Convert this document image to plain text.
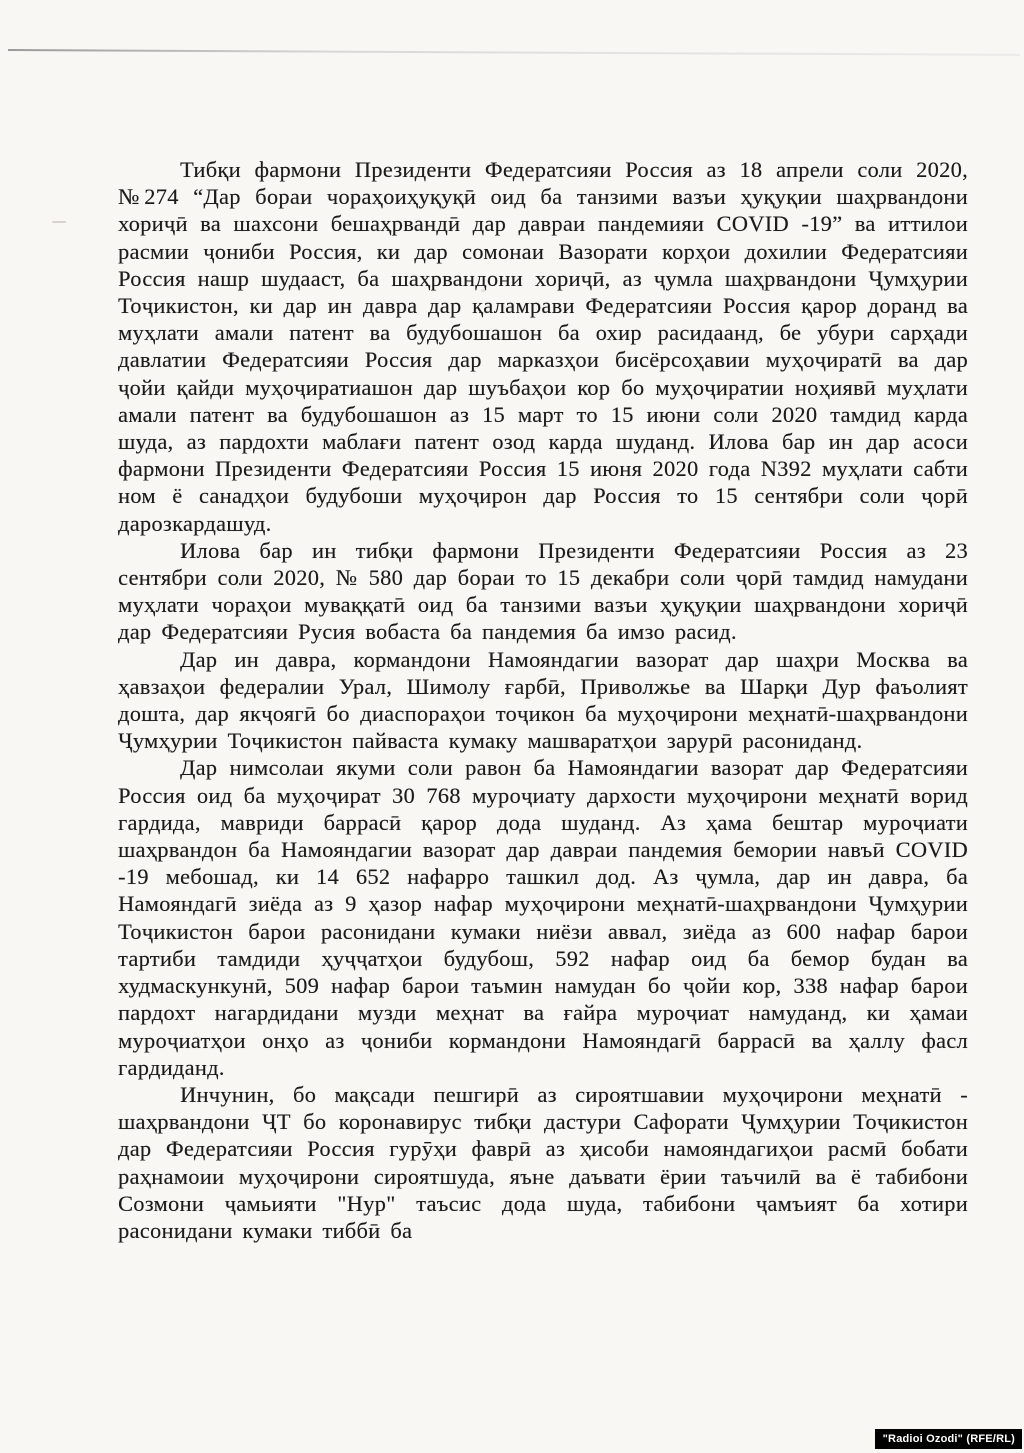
Тибқи фармони Президенти Федератсияи Россия аз 18 апрели соли 2020, №274 “Дар бораи чораҳоиҳуқуқӣ оид ба танзими вазъи ҳуқуқии шаҳрвандони хориҷӣ ва шахсони бешаҳрвандӣ дар давраи пандемияи COVID -19” ва иттилои расмии ҷониби Россия, ки дар сомонаи Вазорати корҳои дохилии Федератсияи Россия нашр шудааст, ба шаҳрвандони хориҷӣ, аз ҷумла шаҳрвандони Ҷумҳурии Тоҷикистон, ки дар ин давра дар қаламрави Федератсияи Россия қарор доранд ва муҳлати амали патент ва будубошашон ба охир расидаанд, бе убури сарҳади давлатии Федератсияи Россия дар марказҳои бисёрсоҳавии муҳоҷиратӣ ва дар ҷойи қайди муҳоҷиратиашон дар шуъбаҳои кор бо муҳоҷиратии ноҳиявӣ муҳлати амали патент ва будубошашон аз 15 март то 15 июни соли 2020 тамдид карда шуда, аз пардохти маблағи патент озод карда шуданд. Илова бар ин дар асоси фармони Президенти Федератсияи Россия 15 июня 2020 года N392 муҳлати сабти ном ё санадҳои будубоши муҳоҷирон дар Россия то 15 сентябри соли ҷорӣ дарозкардашуд.

Илова бар ин тибқи фармони Президенти Федератсияи Россия аз 23 сентябри соли 2020, № 580 дар бораи то 15 декабри соли ҷорӣ тамдид намудани муҳлати чораҳои муваққатӣ оид ба танзими вазъи ҳуқуқии шаҳрвандони хориҷӣ дар Федератсияи Русия вобаста ба пандемия ба имзо расид.

Дар ин давра, кормандони Намояндагии вазорат дар шаҳри Москва ва ҳавзаҳои федералии Урал, Шимолу ғарбӣ, Приволжье ва Шарқи Дур фаъолият дошта, дар якҷоягӣ бо диаспораҳои тоҷикон ба муҳоҷирони меҳнатӣ-шаҳрвандони Ҷумҳурии Тоҷикистон пайваста кумаку машваратҳои зарурӣ расониданд.

Дар нимсолаи якуми соли равон ба Намояндагии вазорат дар Федератсияи Россия оид ба муҳоҷират 30 768 муроҷиату дархости муҳоҷирони меҳнатӣ ворид гардида, мавриди баррасӣ қарор дода шуданд. Аз ҳама бештар муроҷиати шаҳрвандон ба Намояндагии вазорат дар давраи пандемия бемории навъӣ COVID -19 мебошад, ки 14 652 нафарро ташкил дод. Аз ҷумла, дар ин давра, ба Намояндагӣ зиёда аз 9 ҳазор нафар муҳоҷирони меҳнатӣ-шаҳрвандони Ҷумҳурии Тоҷикистон барои расонидани кумаки ниёзи аввал, зиёда аз 600 нафар барои тартиби тамдиди ҳуҷҷатҳои будубош, 592 нафар оид ба бемор будан ва худмаскункунӣ, 509 нафар барои таъмин намудан бо ҷойи кор, 338 нафар барои пардохт нагардидани музди меҳнат ва ғайра муроҷиат намуданд, ки ҳамаи муроҷиатҳои онҳо аз ҷониби кормандони Намояндагӣ баррасӣ ва ҳаллу фасл гардиданд.

Инчунин, бо мақсади пешгирӣ аз сироятшавии муҳоҷирони меҳнатӣ - шаҳрвандони ҶТ бо коронавирус тибқи дастури Сафорати Ҷумҳурии Тоҷикистон дар Федератсияи Россия гурӯҳи фаврӣ аз ҳисоби намояндагиҳои расмӣ бобати раҳнамоии муҳоҷирони сироятшуда, яъне даъвати ёрии таъчилӣ ва ё табибони Созмони ҷамьияти "Нур" таъсис дода шуда, табибони ҷамъият ба хотири расонидани кумаки тиббӣ ба

"Radioi Ozodi" (RFE/RL)
